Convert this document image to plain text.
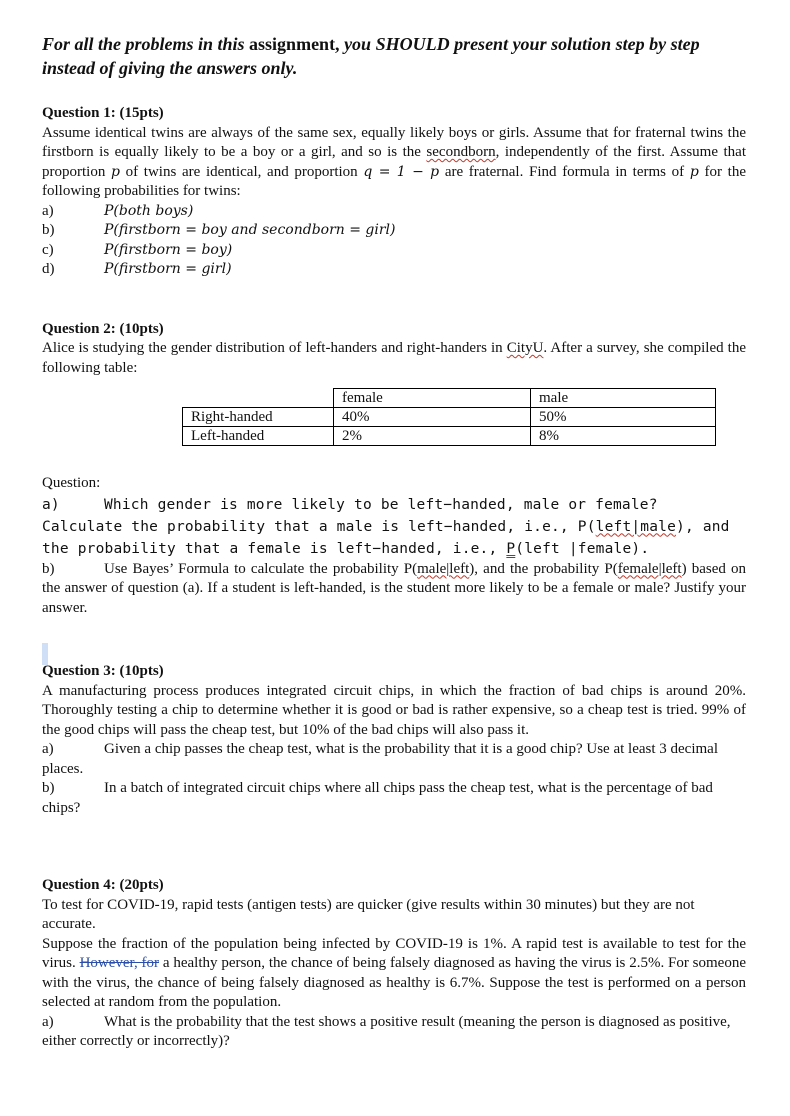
For all the problems in this assignment, you SHOULD present your solution step by step instead of giving the answers only.

Question 1: (15pts)

Assume identical twins are always of the same sex, equally likely boys or girls. Assume that for fraternal twins the firstborn is equally likely to be a boy or a girl, and so is the secondborn, independently of the first. Assume that proportion p of twins are identical, and proportion q = 1 − p are fraternal. Find formula in terms of p for the following probabilities for twins:

a)	P(both boys)
b)	P(firstborn = boy and secondborn = girl)
c)	P(firstborn = boy)
d)	P(firstborn = girl)

Question 2: (10pts)

Alice is studying the gender distribution of left-handers and right-handers in CityU. After a survey, she compiled the following table:

	female	male
Right-handed	40%	50%
Left-handed	2%	8%

Question:

a)	Which gender is more likely to be left−handed, male or female? Calculate the probability that a male is left−handed, i.e., P(left|male), and the probability that a female is left−handed, i.e., P(left |female).

b)	Use Bayes’ Formula to calculate the probability P(male|left), and the probability P(female|left) based on the answer of question (a). If a student is left-handed, is the student more likely to be a female or male? Justify your answer.

Question 3: (10pts)

A manufacturing process produces integrated circuit chips, in which the fraction of bad chips is around 20%. Thoroughly testing a chip to determine whether it is good or bad is rather expensive, so a cheap test is tried. 99% of the good chips will pass the cheap test, but 10% of the bad chips will also pass it.

a)	Given a chip passes the cheap test, what is the probability that it is a good chip? Use at least 3 decimal places.

b)	In a batch of integrated circuit chips where all chips pass the cheap test, what is the percentage of bad chips?

Question 4: (20pts)

To test for COVID-19, rapid tests (antigen tests) are quicker (give results within 30 minutes) but they are not accurate.

Suppose the fraction of the population being infected by COVID-19 is 1%. A rapid test is available to test for the virus. However, for a healthy person, the chance of being falsely diagnosed as having the virus is 2.5%. For someone with the virus, the chance of being falsely diagnosed as healthy is 6.7%. Suppose the test is performed on a person selected at random from the population.

a)	What is the probability that the test shows a positive result (meaning the person is diagnosed as positive, either correctly or incorrectly)?
